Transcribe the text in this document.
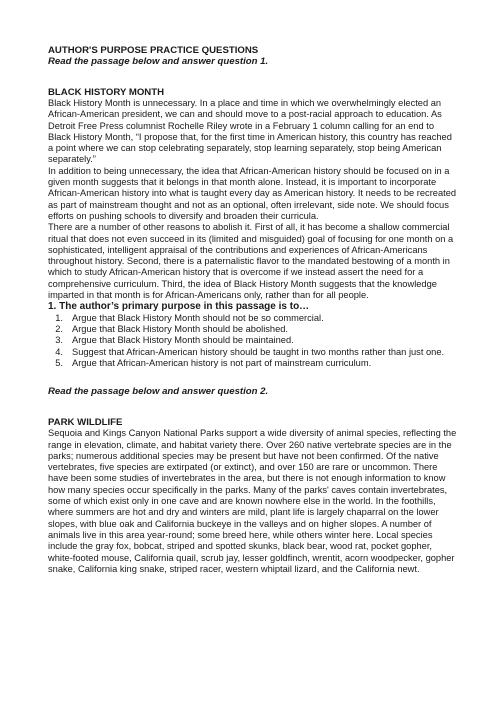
AUTHOR'S PURPOSE PRACTICE QUESTIONS

Read the passage below and answer question 1.

BLACK HISTORY MONTH

Black History Month is unnecessary. In a place and time in which we overwhelmingly elected an African-American president, we can and should move to a post-racial approach to education. As Detroit Free Press columnist Rochelle Riley wrote in a February 1 column calling for an end to Black History Month, “I propose that, for the first time in American history, this country has reached a point where we can stop celebrating separately, stop learning separately, stop being American separately.”

In addition to being unnecessary, the idea that African-American history should be focused on in a given month suggests that it belongs in that month alone. Instead, it is important to incorporate African-American history into what is taught every day as American history. It needs to be recreated as part of mainstream thought and not as an optional, often irrelevant, side note. We should focus efforts on pushing schools to diversify and broaden their curricula.

There are a number of other reasons to abolish it. First of all, it has become a shallow commercial ritual that does not even succeed in its (limited and misguided) goal of focusing for one month on a sophisticated, intelligent appraisal of the contributions and experiences of African-Americans throughout history. Second, there is a paternalistic flavor to the mandated bestowing of a month in which to study African-American history that is overcome if we instead assert the need for a comprehensive curriculum. Third, the idea of Black History Month suggests that the knowledge imparted in that month is for African-Americans only, rather than for all people.

1. The author’s primary purpose in this passage is to…

1. Argue that Black History Month should not be so commercial.
2. Argue that Black History Month should be abolished.
3. Argue that Black History Month should be maintained.
4. Suggest that African-American history should be taught in two months rather than just one.
5. Argue that African-American history is not part of mainstream curriculum.

Read the passage below and answer question 2.

PARK WILDLIFE

Sequoia and Kings Canyon National Parks support a wide diversity of animal species, reflecting the range in elevation, climate, and habitat variety there. Over 260 native vertebrate species are in the parks; numerous additional species may be present but have not been confirmed. Of the native vertebrates, five species are extirpated (or extinct), and over 150 are rare or uncommon. There have been some studies of invertebrates in the area, but there is not enough information to know how many species occur specifically in the parks. Many of the parks' caves contain invertebrates, some of which exist only in one cave and are known nowhere else in the world. In the foothills, where summers are hot and dry and winters are mild, plant life is largely chaparral on the lower slopes, with blue oak and California buckeye in the valleys and on higher slopes. A number of animals live in this area year-round; some breed here, while others winter here. Local species include the gray fox, bobcat, striped and spotted skunks, black bear, wood rat, pocket gopher, white-footed mouse, California quail, scrub jay, lesser goldfinch, wrentit, acorn woodpecker, gopher snake, California king snake, striped racer, western whiptail lizard, and the California newt.
